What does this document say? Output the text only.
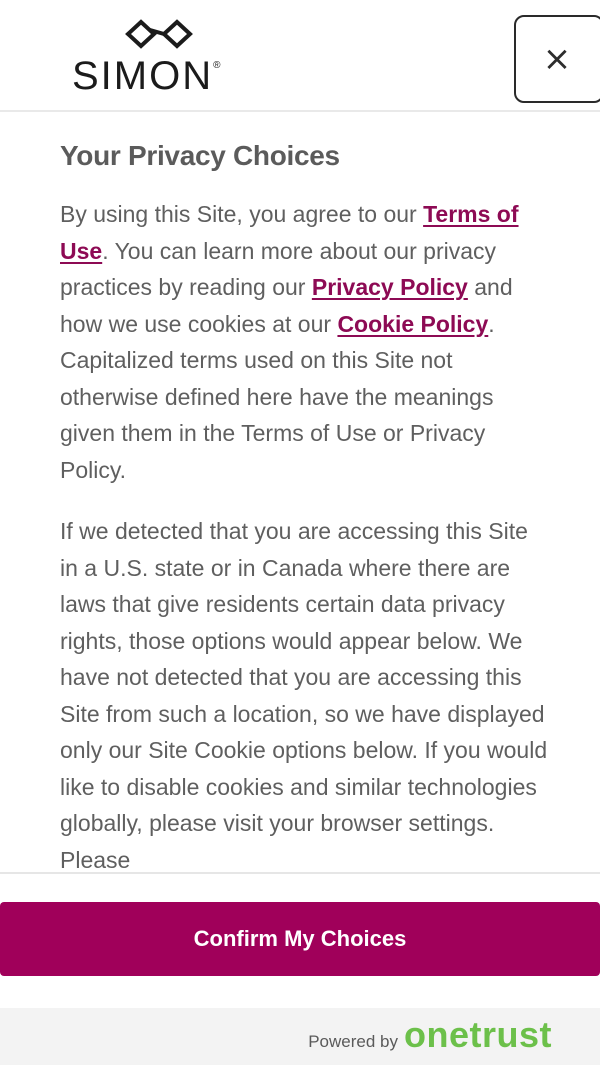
SIMON®	×
Your Privacy Choices

By using this Site, you agree to our Terms of Use. You can learn more about our privacy practices by reading our Privacy Policy and how we use cookies at our Cookie Policy. Capitalized terms used on this Site not otherwise defined here have the meanings given them in the Terms of Use or Privacy Policy.

If we detected that you are accessing this Site in a U.S. state or in Canada where there are laws that give residents certain data privacy rights, those options would appear below. We have not detected that you are accessing this Site from such a location, so we have displayed only our Site Cookie options below. If you would like to disable cookies and similar technologies globally, please visit your browser settings. Please

Confirm My Choices
Powered by onetrust
